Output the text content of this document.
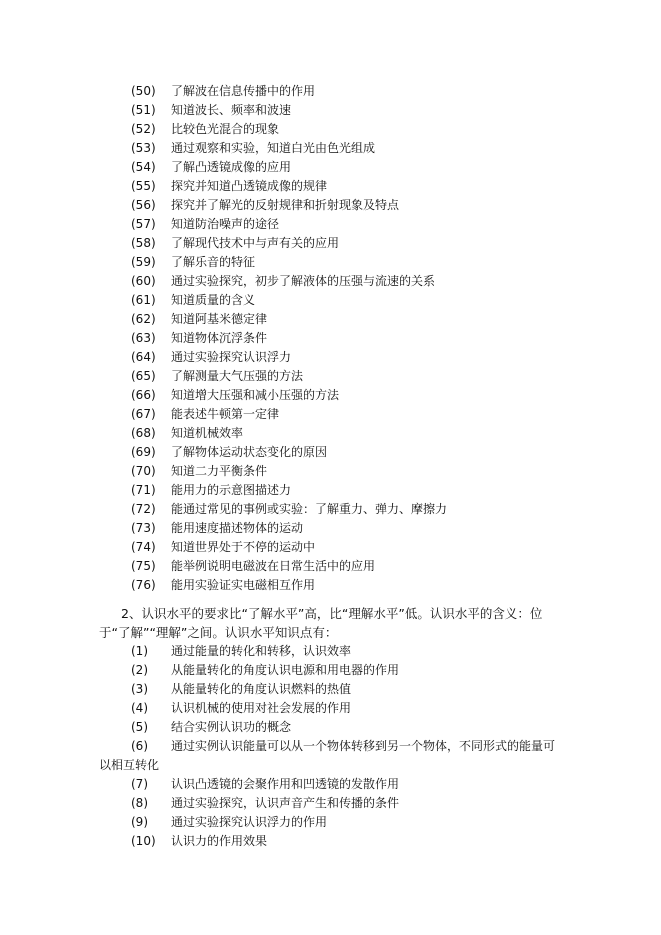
(50) 了解波在信息传播中的作用
(51) 知道波长、频率和波速
(52) 比较色光混合的现象
(53) 通过观察和实验，知道白光由色光组成
(54) 了解凸透镜成像的应用
(55) 探究并知道凸透镜成像的规律
(56) 探究并了解光的反射规律和折射现象及特点
(57) 知道防治噪声的途径
(58) 了解现代技术中与声有关的应用
(59) 了解乐音的特征
(60) 通过实验探究，初步了解液体的压强与流速的关系
(61) 知道质量的含义
(62) 知道阿基米德定律
(63) 知道物体沉浮条件
(64) 通过实验探究认识浮力
(65) 了解测量大气压强的方法
(66) 知道增大压强和减小压强的方法
(67) 能表述牛顿第一定律
(68) 知道机械效率
(69) 了解物体运动状态变化的原因
(70) 知道二力平衡条件
(71) 能用力的示意图描述力
(72) 能通过常见的事例或实验：了解重力、弹力、摩擦力
(73) 能用速度描述物体的运动
(74) 知道世界处于不停的运动中
(75) 能举例说明电磁波在日常生活中的应用
(76) 能用实验证实电磁相互作用
2、认识水平的要求比“了解水平”高，比“理解水平”低。认识水平的含义：位
于“了解”“理解”之间。认识水平知识点有：
(1) 通过能量的转化和转移，认识效率
(2) 从能量转化的角度认识电源和用电器的作用
(3) 从能量转化的角度认识燃料的热值
(4) 认识机械的使用对社会发展的作用
(5) 结合实例认识功的概念
(6) 通过实例认识能量可以从一个物体转移到另一个物体，不同形式的能量可
以相互转化
(7) 认识凸透镜的会聚作用和凹透镜的发散作用
(8) 通过实验探究，认识声音产生和传播的条件
(9) 通过实验探究认识浮力的作用
(10) 认识力的作用效果
